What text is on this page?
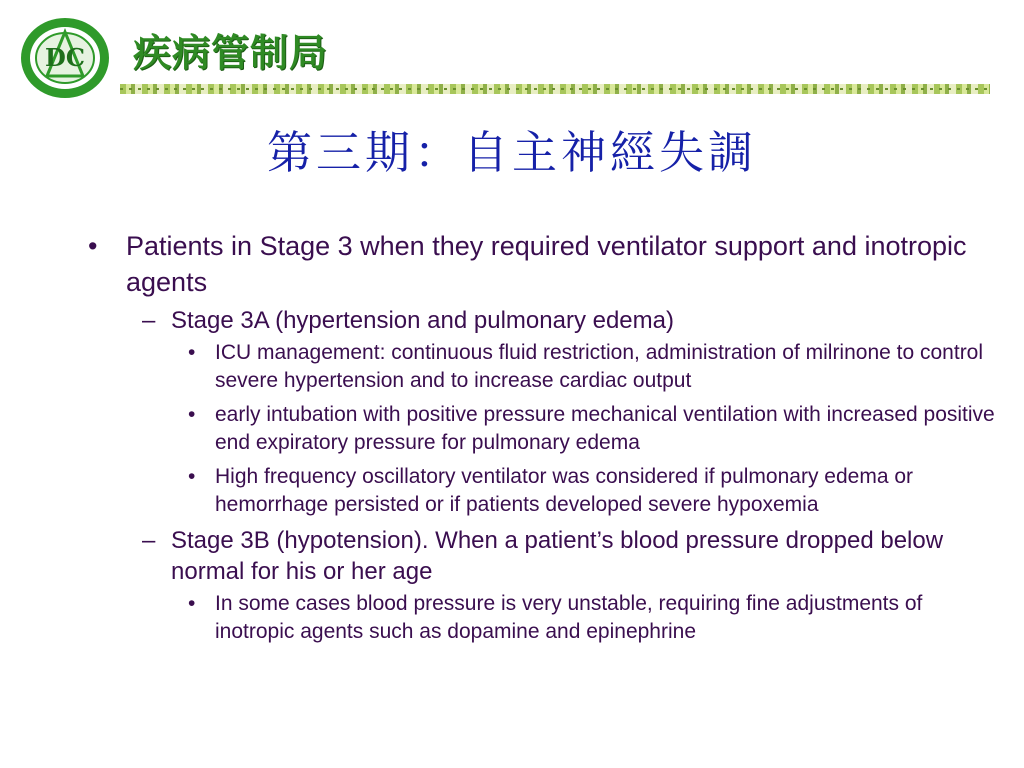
DC 疾病管制局
第三期：自主神經失調
• Patients in Stage 3 when they required ventilator support and inotropic agents
– Stage 3A (hypertension and pulmonary edema)
• ICU management: continuous fluid restriction, administration of milrinone to control severe hypertension and to increase cardiac output
• early intubation with positive pressure mechanical ventilation with increased positive end expiratory pressure for pulmonary edema
• High frequency oscillatory ventilator was considered if pulmonary edema or hemorrhage persisted or if patients developed severe hypoxemia
– Stage 3B (hypotension). When a patient’s blood pressure dropped below normal for his or her age
• In some cases blood pressure is very unstable, requiring fine adjustments of inotropic agents such as dopamine and epinephrine
